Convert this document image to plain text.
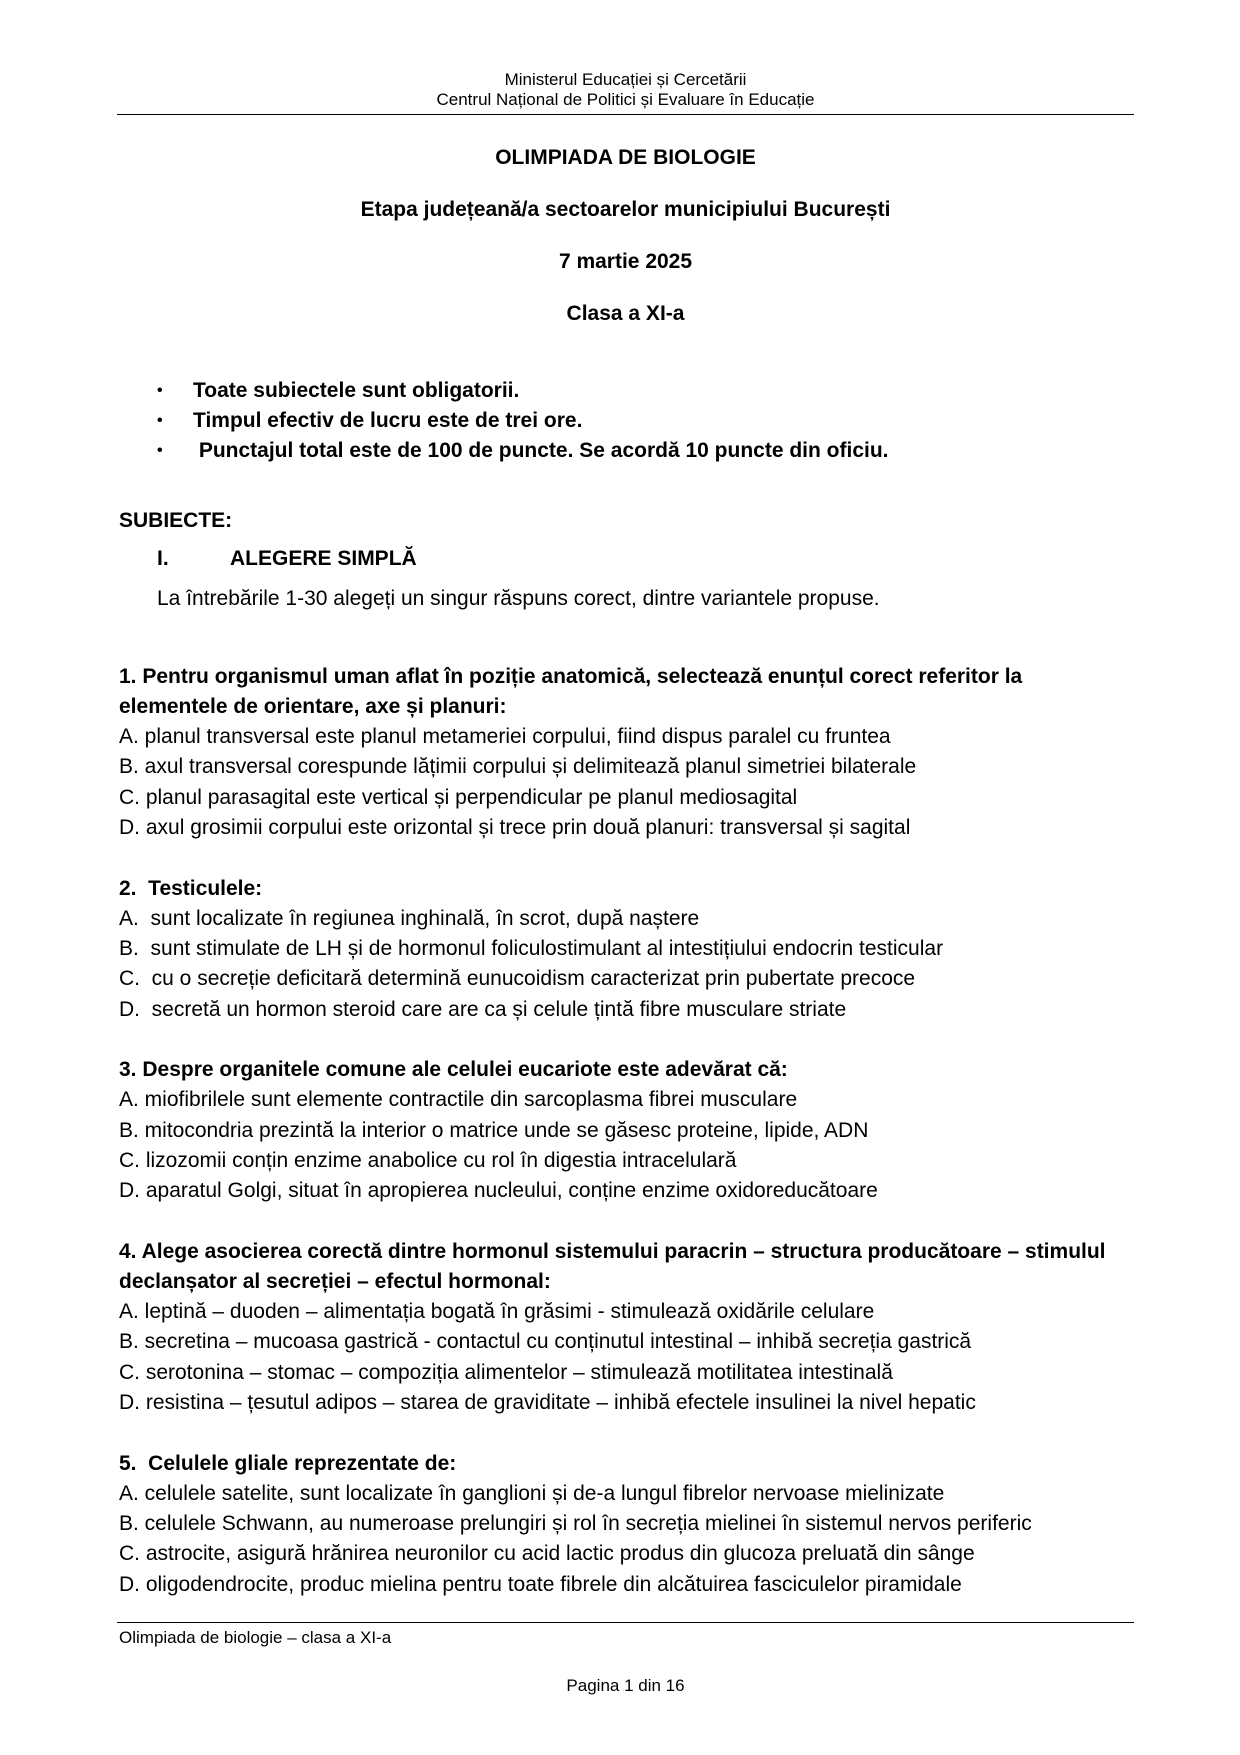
Ministerul Educației și Cercetării
Centrul Național de Politici și Evaluare în Educație
OLIMPIADA DE BIOLOGIE
Etapa județeană/a sectoarelor municipiului București
7 martie 2025
Clasa a XI-a
•	Toate subiectele sunt obligatorii.
•	Timpul efectiv de lucru este de trei ore.
•	Punctajul total este de 100 de puncte. Se acordă 10 puncte din oficiu.
SUBIECTE:
I.	ALEGERE SIMPLĂ
La întrebările 1-30 alegeți un singur răspuns corect, dintre variantele propuse.
1. Pentru organismul uman aflat în poziție anatomică, selectează enunțul corect referitor la elementele de orientare, axe și planuri:
A. planul transversal este planul metameriei corpului, fiind dispus paralel cu fruntea
B. axul transversal corespunde lățimii corpului și delimitează planul simetriei bilaterale
C. planul parasagital este vertical și perpendicular pe planul mediosagital
D. axul grosimii corpului este orizontal și trece prin două planuri: transversal și sagital
2.  Testiculele:
A.  sunt localizate în regiunea inghinală, în scrot, după naștere
B.  sunt stimulate de LH și de hormonul foliculostimulant al intestițiului endocrin testicular
C.  cu o secreție deficitară determină eunucoidism caracterizat prin pubertate precoce
D.  secretă un hormon steroid care are ca și celule țintă fibre musculare striate
3. Despre organitele comune ale celulei eucariote este adevărat că:
A. miofibrilele sunt elemente contractile din sarcoplasma fibrei musculare
B. mitocondria prezintă la interior o matrice unde se găsesc proteine, lipide, ADN
C. lizozomii conțin enzime anabolice cu rol în digestia intracelulară
D. aparatul Golgi, situat în apropierea nucleului, conține enzime oxidoreducătoare
4. Alege asocierea corectă dintre hormonul sistemului paracrin – structura producătoare – stimulul declanșator al secreției – efectul hormonal:
A. leptină – duoden – alimentația bogată în grăsimi - stimulează oxidările celulare
B. secretina – mucoasa gastrică - contactul cu conținutul intestinal – inhibă secreția gastrică
C. serotonina – stomac – compoziția alimentelor – stimulează motilitatea intestinală
D. resistina – țesutul adipos – starea de graviditate – inhibă efectele insulinei la nivel hepatic
5.  Celulele gliale reprezentate de:
A. celulele satelite, sunt localizate în ganglioni și de-a lungul fibrelor nervoase mielinizate
B. celulele Schwann, au numeroase prelungiri și rol în secreția mielinei în sistemul nervos periferic
C. astrocite, asigură hrănirea neuronilor cu acid lactic produs din glucoza preluată din sânge
D. oligodendrocite, produc mielina pentru toate fibrele din alcătuirea fasciculelor piramidale
Olimpiada de biologie – clasa a XI-a
Pagina 1 din 16
